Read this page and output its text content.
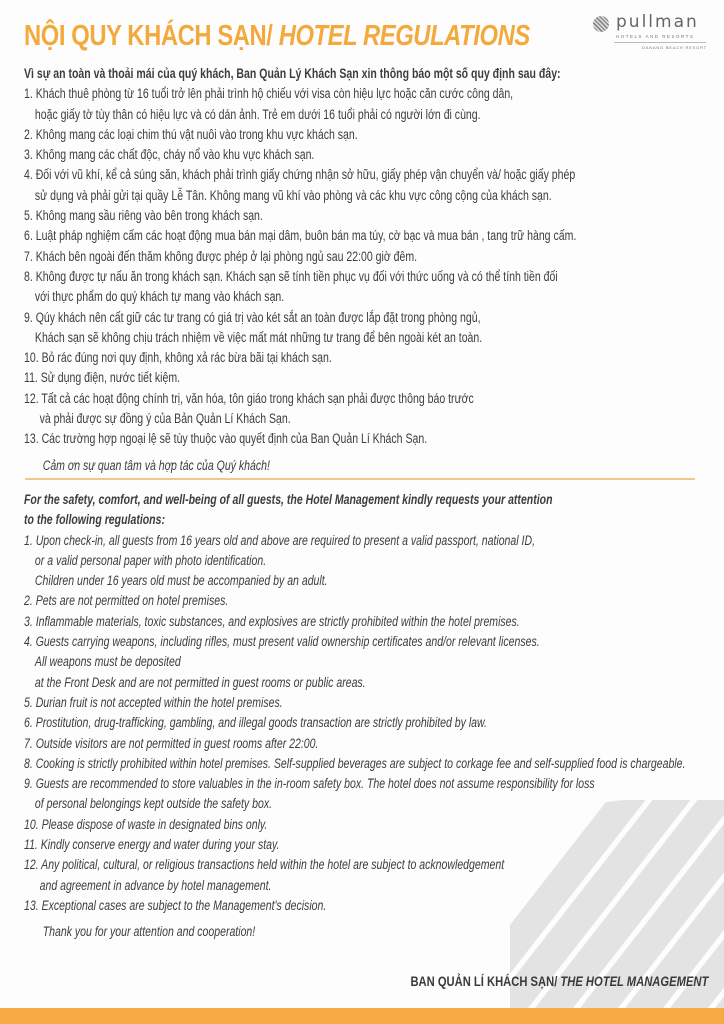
NỘI QUY KHÁCH SẠN/ HOTEL REGULATIONS	pullman
HOTELS AND RESORTS
DANANG BEACH RESORT
Vì sự an toàn và thoải mái của quý khách, Ban Quản Lý Khách Sạn xin thông báo một số quy định sau đây:
1. Khách thuê phòng từ 16 tuổi trở lên phải trình hộ chiếu với visa còn hiệu lực hoặc căn cước công dân,
hoặc giấy tờ tùy thân có hiệu lực và có dán ảnh. Trẻ em dưới 16 tuổi phải có người lớn đi cùng.
2. Không mang các loại chim thú vật nuôi vào trong khu vực khách sạn.
3. Không mang các chất độc, cháy nổ vào khu vực khách sạn.
4. Đối với vũ khí, kể cả súng săn, khách phải trình giấy chứng nhận sở hữu, giấy phép vận chuyển và/ hoặc giấy phép
sử dụng và phải gửi tại quầy Lễ Tân. Không mang vũ khí vào phòng và các khu vực công cộng của khách sạn.
5. Không mang sầu riêng vào bên trong khách sạn.
6. Luật pháp nghiệm cấm các hoạt động mua bán mại dâm, buôn bán ma túy, cờ bạc và mua bán , tang trữ hàng cấm.
7. Khách bên ngoài đến thăm không được phép ở lại phòng ngủ sau 22:00 giờ đêm.
8. Không được tự nấu ăn trong khách sạn. Khách sạn sẽ tính tiền phục vụ đối với thức uống và có thể tính tiền đối
với thực phẩm do quý khách tự mang vào khách sạn.
9. Qúy khách nên cất giữ các tư trang có giá trị vào két sắt an toàn được lắp đặt trong phòng ngủ,
Khách sạn sẽ không chịu trách nhiệm về việc mất mát những tư trang để bên ngoài két an toàn.
10. Bỏ rác đúng nơi quy định, không xả rác bừa bãi tại khách sạn.
11. Sử dụng điện, nước tiết kiệm.
12. Tất cả các hoạt động chính trị, văn hóa, tôn giáo trong khách sạn phải được thông báo trước
và phải được sự đồng ý của Bản Quản Lí Khách Sạn.
13. Các trường hợp ngoại lệ sẽ tùy thuộc vào quyết định của Ban Quản Lí Khách Sạn.
Cảm ơn sự quan tâm và hợp tác của Quý khách!
For the safety, comfort, and well-being of all guests, the Hotel Management kindly requests your attention
to the following regulations:
1. Upon check-in, all guests from 16 years old and above are required to present a valid passport, national ID,
or a valid personal paper with photo identification.
Children under 16 years old must be accompanied by an adult.
2. Pets are not permitted on hotel premises.
3. Inflammable materials, toxic substances, and explosives are strictly prohibited within the hotel premises.
4. Guests carrying weapons, including rifles, must present valid ownership certificates and/or relevant licenses.
All weapons must be deposited
at the Front Desk and are not permitted in guest rooms or public areas.
5. Durian fruit is not accepted within the hotel premises.
6. Prostitution, drug-trafficking, gambling, and illegal goods transaction are strictly prohibited by law.
7. Outside visitors are not permitted in guest rooms after 22:00.
8. Cooking is strictly prohibited within hotel premises. Self-supplied beverages are subject to corkage fee and self-supplied food is chargeable.
9. Guests are recommended to store valuables in the in-room safety box. The hotel does not assume responsibility for loss
of personal belongings kept outside the safety box.
10. Please dispose of waste in designated bins only.
11. Kindly conserve energy and water during your stay.
12. Any political, cultural, or religious transactions held within the hotel are subject to acknowledgement
and agreement in advance by hotel management.
13. Exceptional cases are subject to the Management's decision.
Thank you for your attention and cooperation!
BAN QUẢN LÍ KHÁCH SẠN/ THE HOTEL MANAGEMENT
